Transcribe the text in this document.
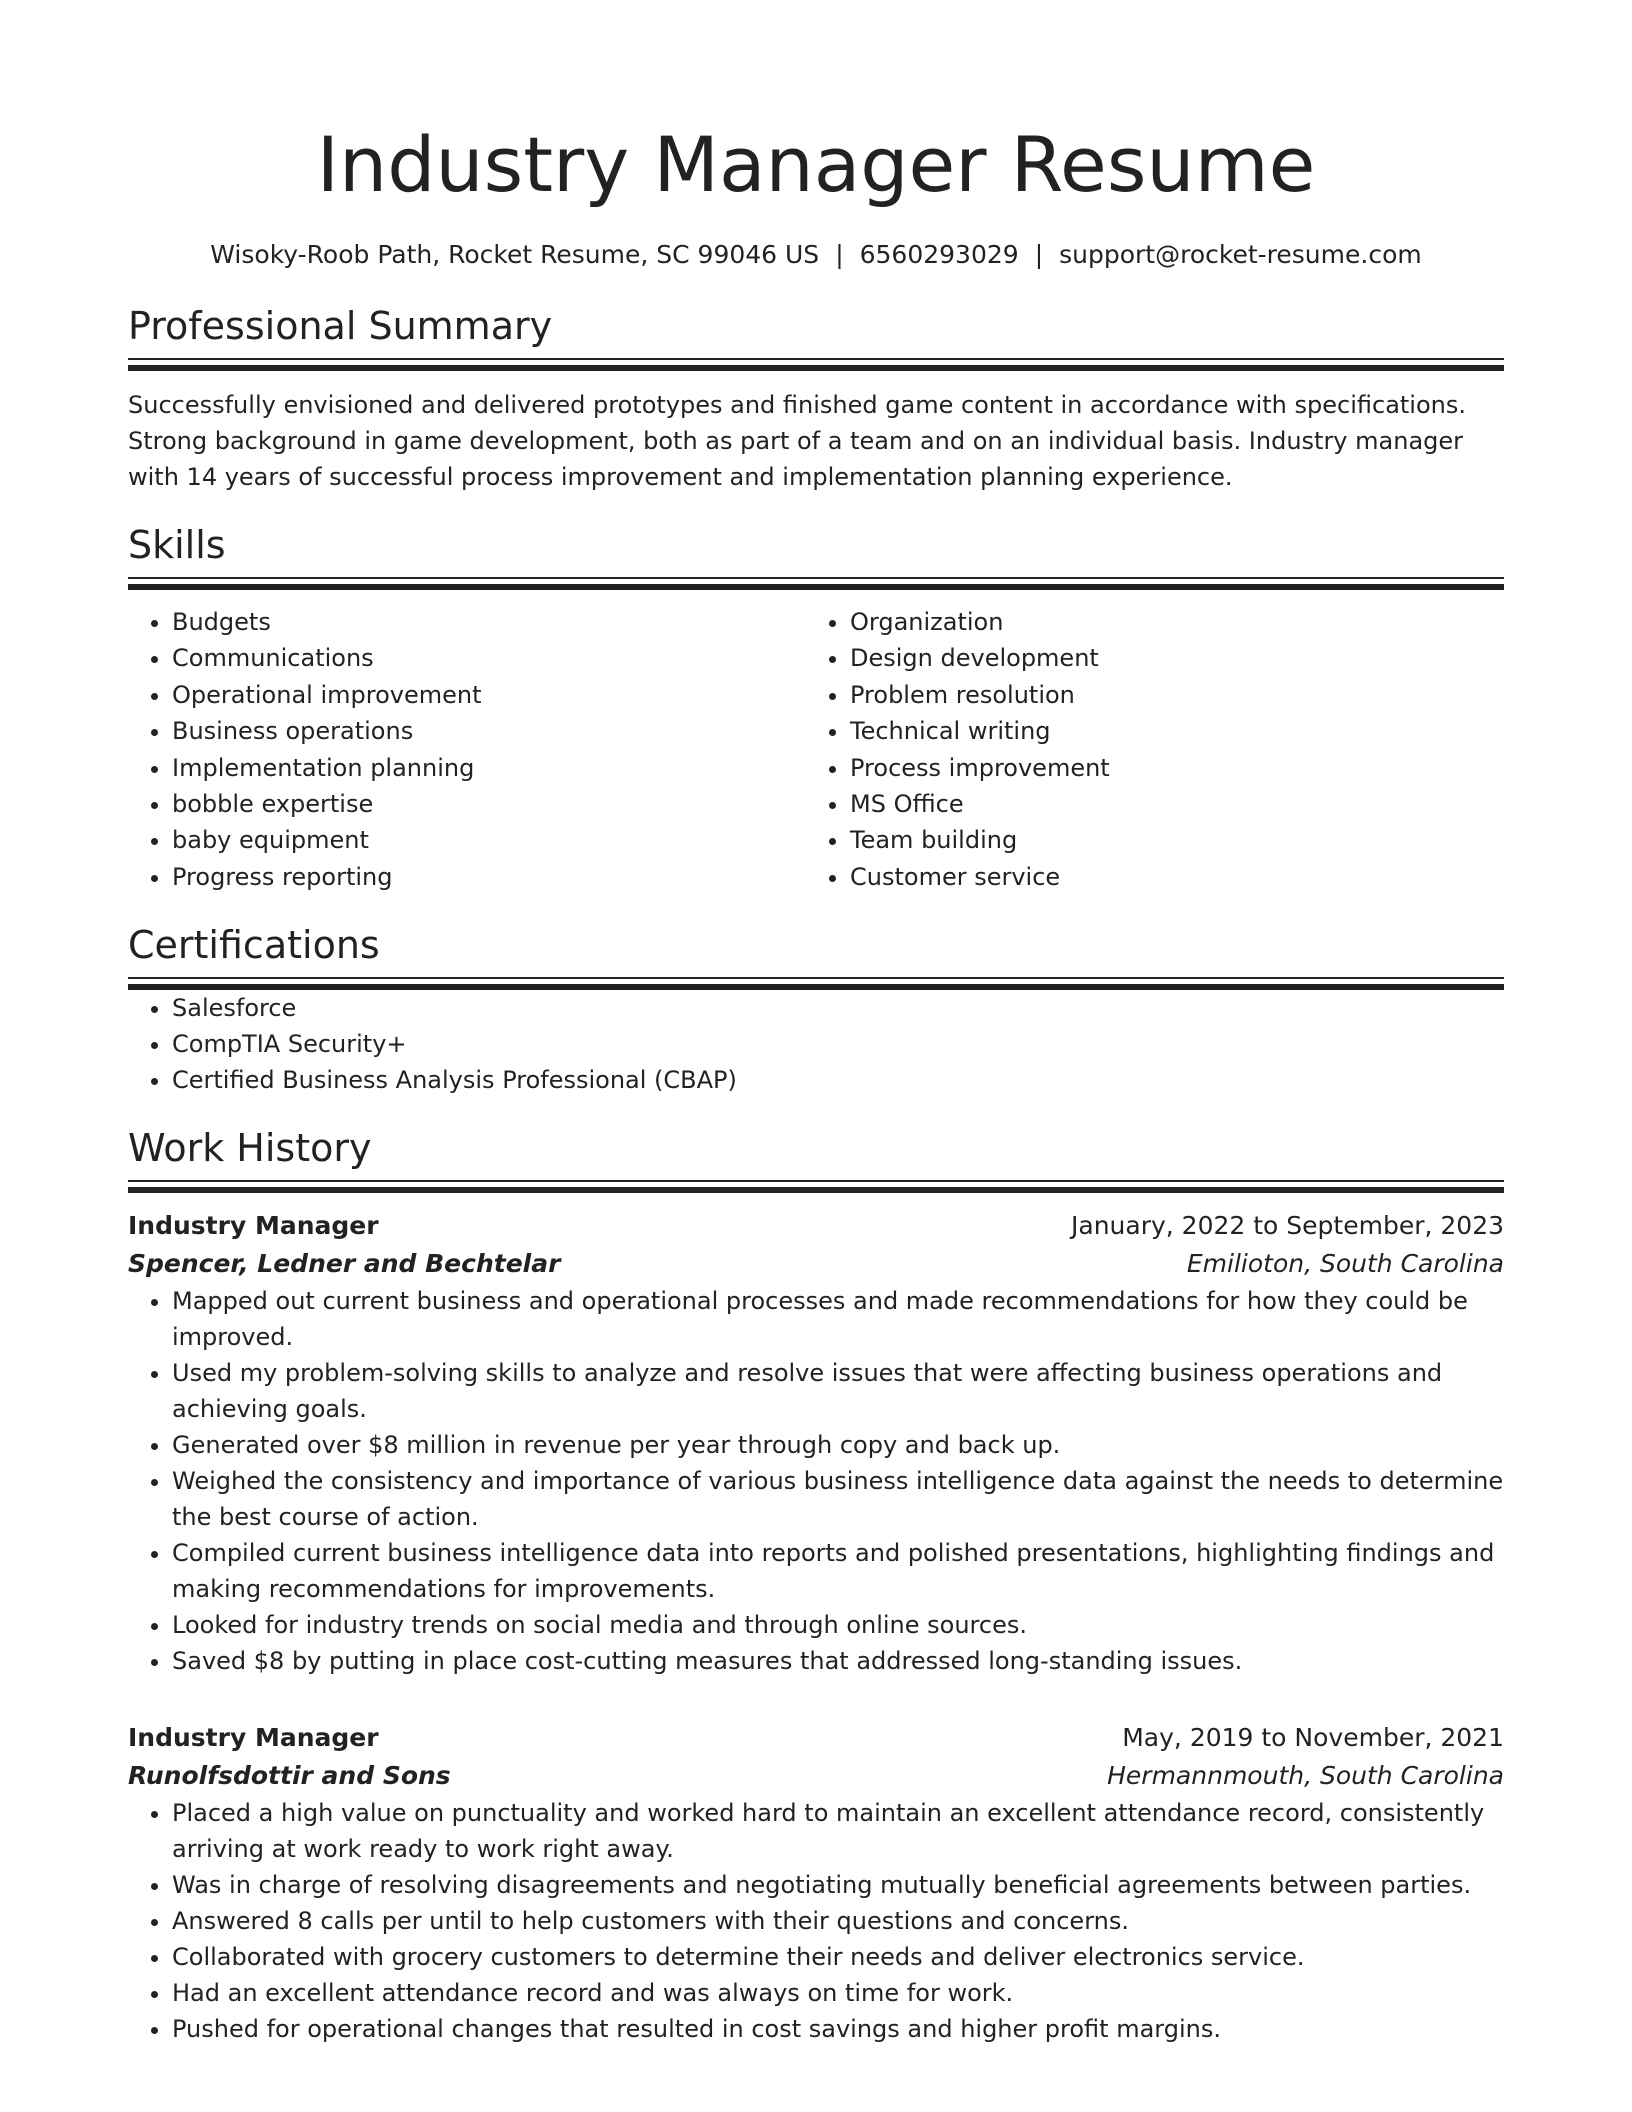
Industry Manager Resume
Wisoky-Roob Path, Rocket Resume, SC 99046 US | 6560293029 | support@rocket-resume.com
Professional Summary
Successfully envisioned and delivered prototypes and finished game content in accordance with specifications. Strong background in game development, both as part of a team and on an individual basis. Industry manager with 14 years of successful process improvement and implementation planning experience.
Skills
• Budgets
• Communications
• Operational improvement
• Business operations
• Implementation planning
• bobble expertise
• baby equipment
• Progress reporting
• Organization
• Design development
• Problem resolution
• Technical writing
• Process improvement
• MS Office
• Team building
• Customer service
Certifications
• Salesforce
• CompTIA Security+
• Certified Business Analysis Professional (CBAP)
Work History
Industry Manager	January, 2022 to September, 2023
Spencer, Ledner and Bechtelar	Emilioton, South Carolina
• Mapped out current business and operational processes and made recommendations for how they could be improved.
• Used my problem-solving skills to analyze and resolve issues that were affecting business operations and achieving goals.
• Generated over $8 million in revenue per year through copy and back up.
• Weighed the consistency and importance of various business intelligence data against the needs to determine the best course of action.
• Compiled current business intelligence data into reports and polished presentations, highlighting findings and making recommendations for improvements.
• Looked for industry trends on social media and through online sources.
• Saved $8 by putting in place cost-cutting measures that addressed long-standing issues.
Industry Manager	May, 2019 to November, 2021
Runolfsdottir and Sons	Hermannmouth, South Carolina
• Placed a high value on punctuality and worked hard to maintain an excellent attendance record, consistently arriving at work ready to work right away.
• Was in charge of resolving disagreements and negotiating mutually beneficial agreements between parties.
• Answered 8 calls per until to help customers with their questions and concerns.
• Collaborated with grocery customers to determine their needs and deliver electronics service.
• Had an excellent attendance record and was always on time for work.
• Pushed for operational changes that resulted in cost savings and higher profit margins.
